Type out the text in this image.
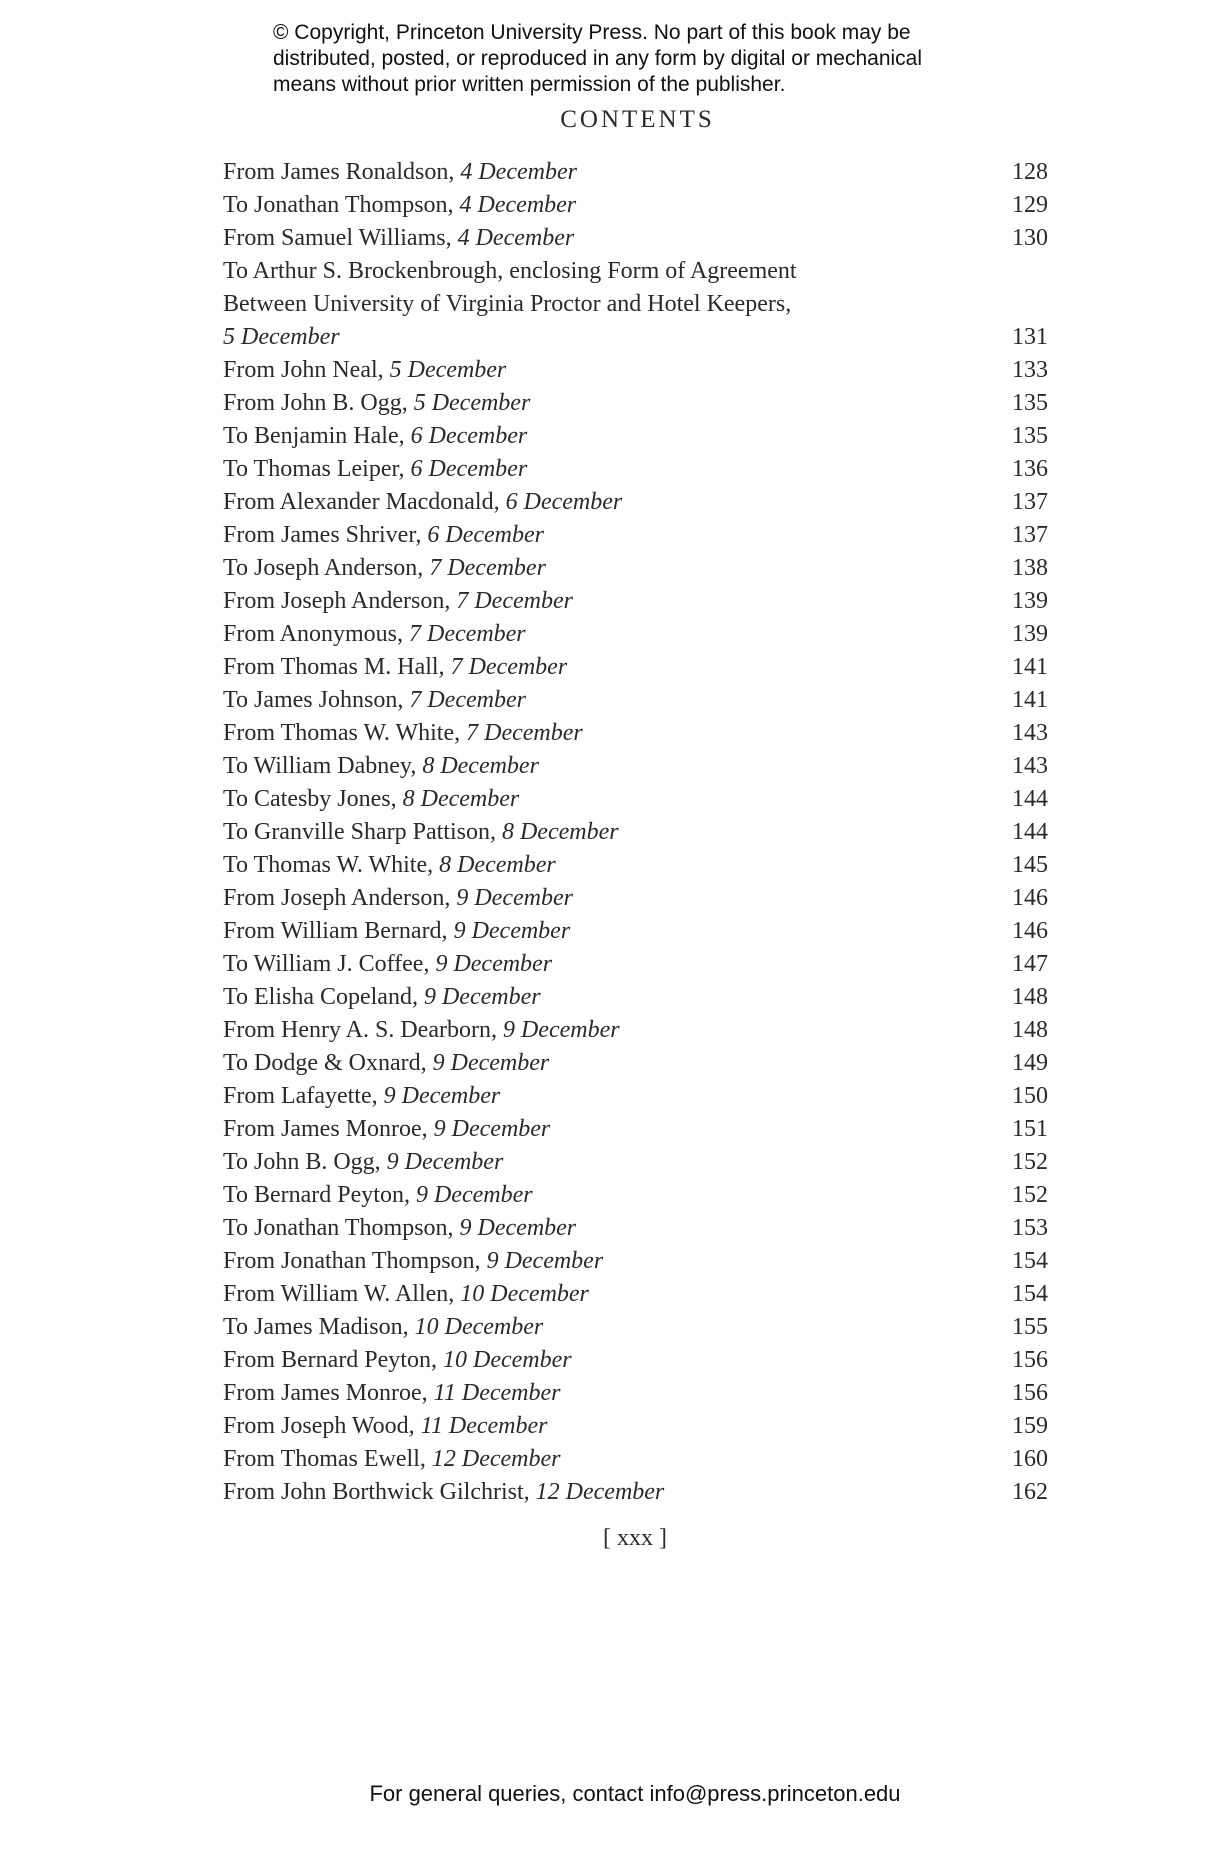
© Copyright, Princeton University Press. No part of this book may be
distributed, posted, or reproduced in any form by digital or mechanical
means without prior written permission of the publisher.
CONTENTS
From James Ronaldson, 4 December	128
To Jonathan Thompson, 4 December	129
From Samuel Williams, 4 December	130
To Arthur S. Brockenbrough, enclosing Form of Agreement
Between University of Virginia Proctor and Hotel Keepers,
5 December	131
From John Neal, 5 December	133
From John B. Ogg, 5 December	135
To Benjamin Hale, 6 December	135
To Thomas Leiper, 6 December	136
From Alexander Macdonald, 6 December	137
From James Shriver, 6 December	137
To Joseph Anderson, 7 December	138
From Joseph Anderson, 7 December	139
From Anonymous, 7 December	139
From Thomas M. Hall, 7 December	141
To James Johnson, 7 December	141
From Thomas W. White, 7 December	143
To William Dabney, 8 December	143
To Catesby Jones, 8 December	144
To Granville Sharp Pattison, 8 December	144
To Thomas W. White, 8 December	145
From Joseph Anderson, 9 December	146
From William Bernard, 9 December	146
To William J. Coffee, 9 December	147
To Elisha Copeland, 9 December	148
From Henry A. S. Dearborn, 9 December	148
To Dodge & Oxnard, 9 December	149
From Lafayette, 9 December	150
From James Monroe, 9 December	151
To John B. Ogg, 9 December	152
To Bernard Peyton, 9 December	152
To Jonathan Thompson, 9 December	153
From Jonathan Thompson, 9 December	154
From William W. Allen, 10 December	154
To James Madison, 10 December	155
From Bernard Peyton, 10 December	156
From James Monroe, 11 December	156
From Joseph Wood, 11 December	159
From Thomas Ewell, 12 December	160
From John Borthwick Gilchrist, 12 December	162
[ xxx ]
For general queries, contact info@press.princeton.edu
